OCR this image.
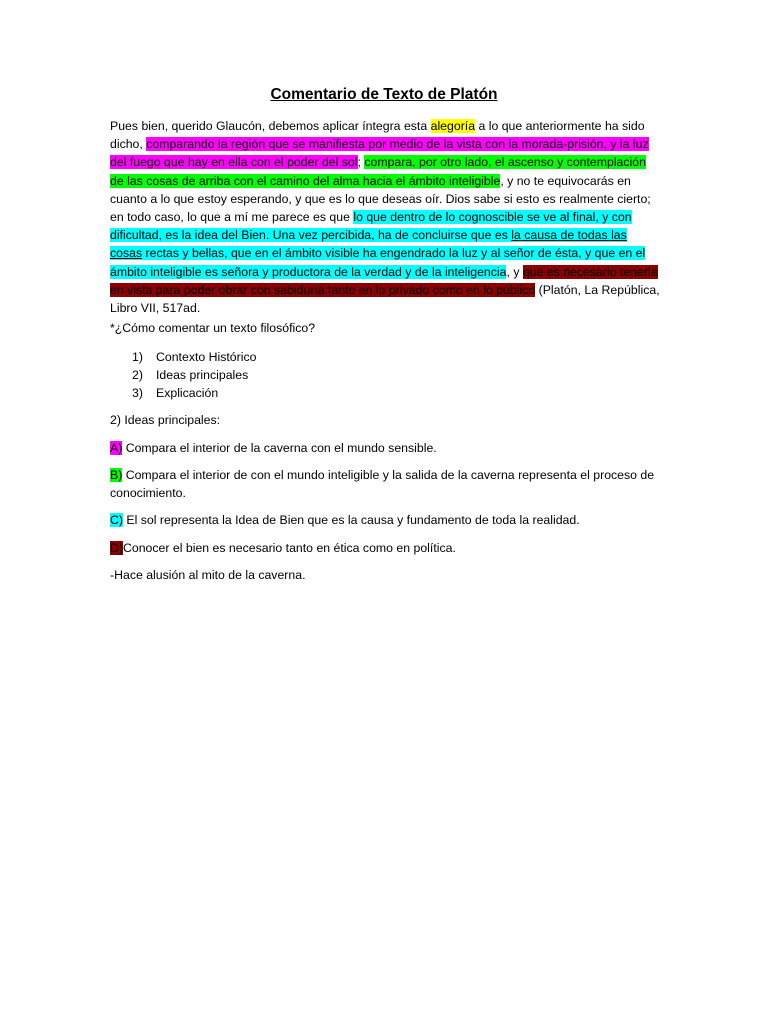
Comentario de Texto de Platón

Pues bien, querido Glaucón, debemos aplicar íntegra esta alegoría a lo que anteriormente ha sido dicho, comparando la región que se manifiesta por medio de la vista con la morada-prisión, y la luz del fuego que hay en ella con el poder del sol; compara, por otro lado, el ascenso y contemplación de las cosas de arriba con el camino del alma hacia el ámbito inteligible, y no te equivocarás en cuanto a lo que estoy esperando, y que es lo que deseas oír. Dios sabe si esto es realmente cierto; en todo caso, lo que a mí me parece es que lo que dentro de lo cognoscible se ve al final, y con dificultad, es la idea del Bien. Una vez percibida, ha de concluirse que es la causa de todas las cosas rectas y bellas, que en el ámbito visible ha engendrado la luz y al señor de ésta, y que en el ámbito inteligible es señora y productora de la verdad y de la inteligencia, y que es necesario tenerla en vista para poder obrar con sabiduría tanto en lo privado como en lo público (Platón, La República, Libro VII, 517ad.

*¿Cómo comentar un texto filosófico?

1)	Contexto Histórico
2)	Ideas principales
3)	Explicación

2) Ideas principales:

A) Compara el interior de la caverna con el mundo sensible.

B) Compara el interior de con el mundo inteligible y la salida de la caverna representa el proceso de conocimiento.

C) El sol representa la Idea de Bien que es la causa y fundamento de toda la realidad.

D)Conocer el bien es necesario tanto en ética como en política.

-Hace alusión al mito de la caverna.
